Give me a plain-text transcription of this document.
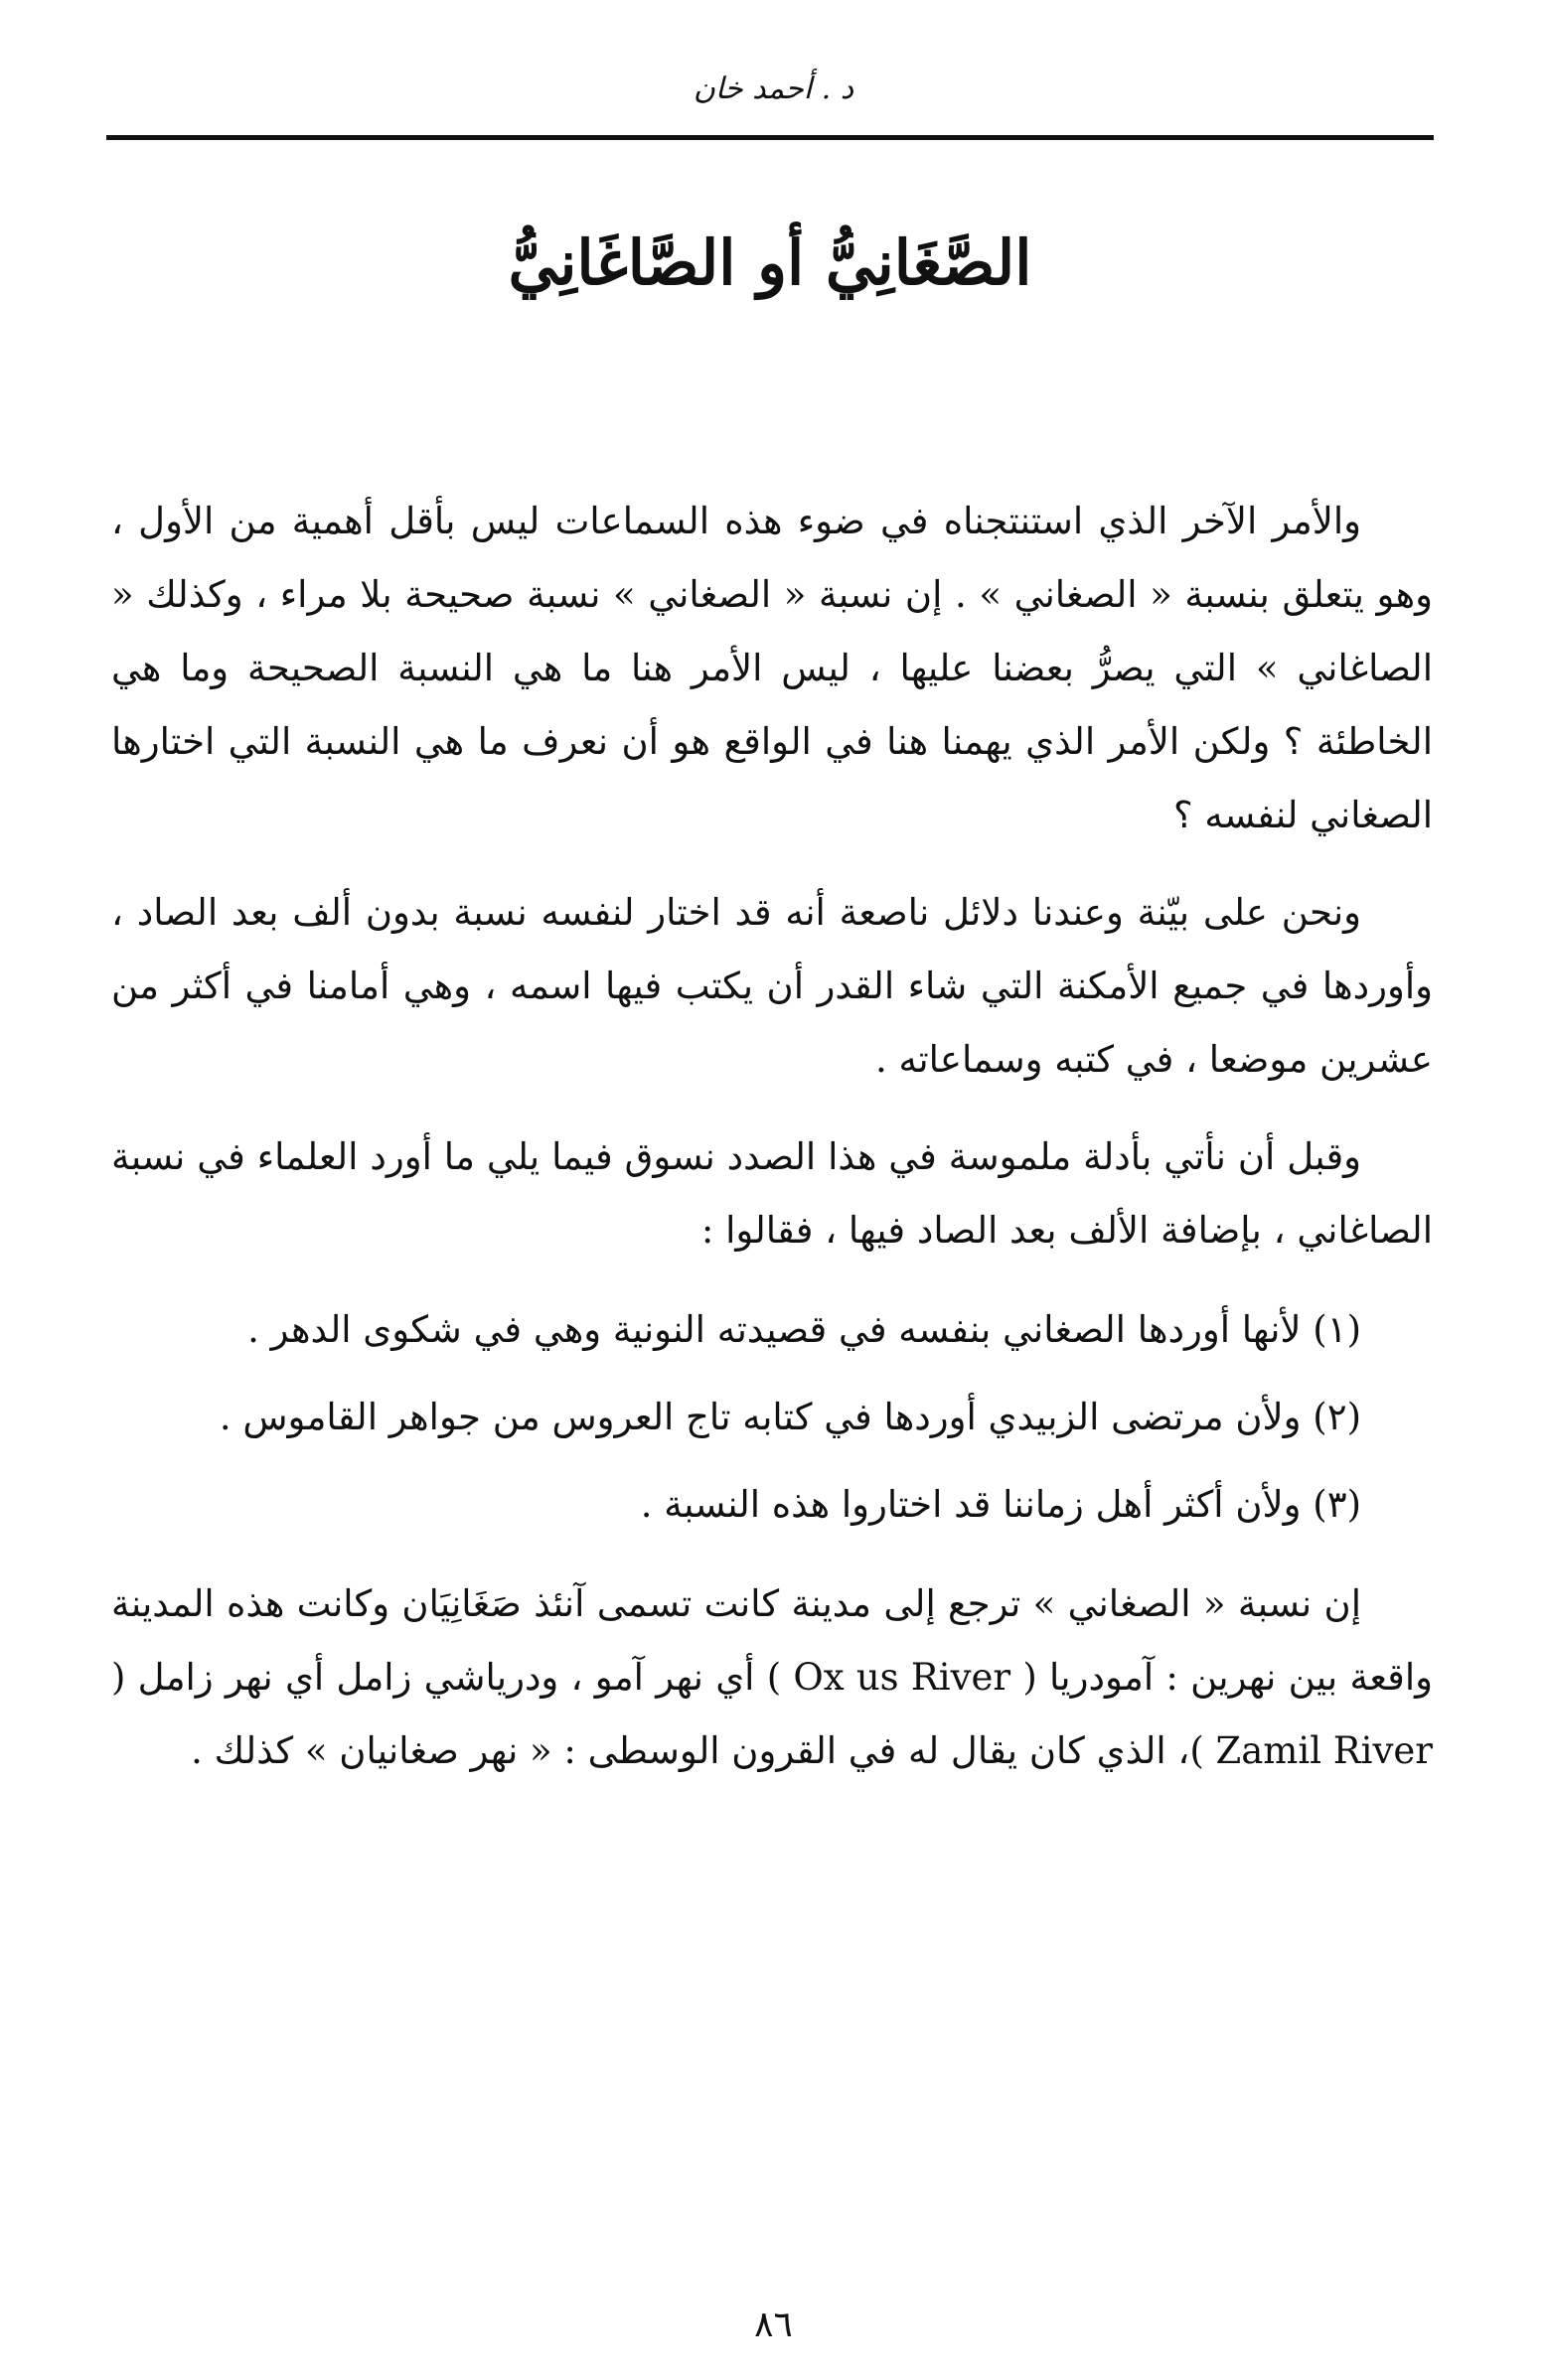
د . أحمد خان
الصَّغَانِيُّ أو الصَّاغَانِيُّ

والأمر الآخر الذي استنتجناه في ضوء هذه السماعات ليس بأقل أهمية من الأول ، وهو يتعلق بنسبة « الصغاني » . إن نسبة « الصغاني » نسبة صحيحة بلا مراء ، وكذلك « الصاغاني » التي يصرُّ بعضنا عليها ، ليس الأمر هنا ما هي النسبة الصحيحة وما هي الخاطئة ؟ ولكن الأمر الذي يهمنا هنا في الواقع هو أن نعرف ما هي النسبة التي اختارها الصغاني لنفسه ؟

ونحن على بيّنة وعندنا دلائل ناصعة أنه قد اختار لنفسه نسبة بدون ألف بعد الصاد ، وأوردها في جميع الأمكنة التي شاء القدر أن يكتب فيها اسمه ، وهي أمامنا في أكثر من عشرين موضعا ، في كتبه وسماعاته .

وقبل أن نأتي بأدلة ملموسة في هذا الصدد نسوق فيما يلي ما أورد العلماء في نسبة الصاغاني ، بإضافة الألف بعد الصاد فيها ، فقالوا :

(١) لأنها أوردها الصغاني بنفسه في قصيدته النونية وهي في شكوى الدهر .
(٢) ولأن مرتضى الزبيدي أوردها في كتابه تاج العروس من جواهر القاموس .
(٣) ولأن أكثر أهل زماننا قد اختاروا هذه النسبة .

إن نسبة « الصغاني » ترجع إلى مدينة كانت تسمى آنئذ صَغَانِيَان وكانت هذه المدينة واقعة بين نهرين : آمودريا ( Ox us River ) أي نهر آمو ، ودرياشي زامل أي نهر زامل ( Zamil River )، الذي كان يقال له في القرون الوسطى : « نهر صغانيان » كذلك .

٨٦
